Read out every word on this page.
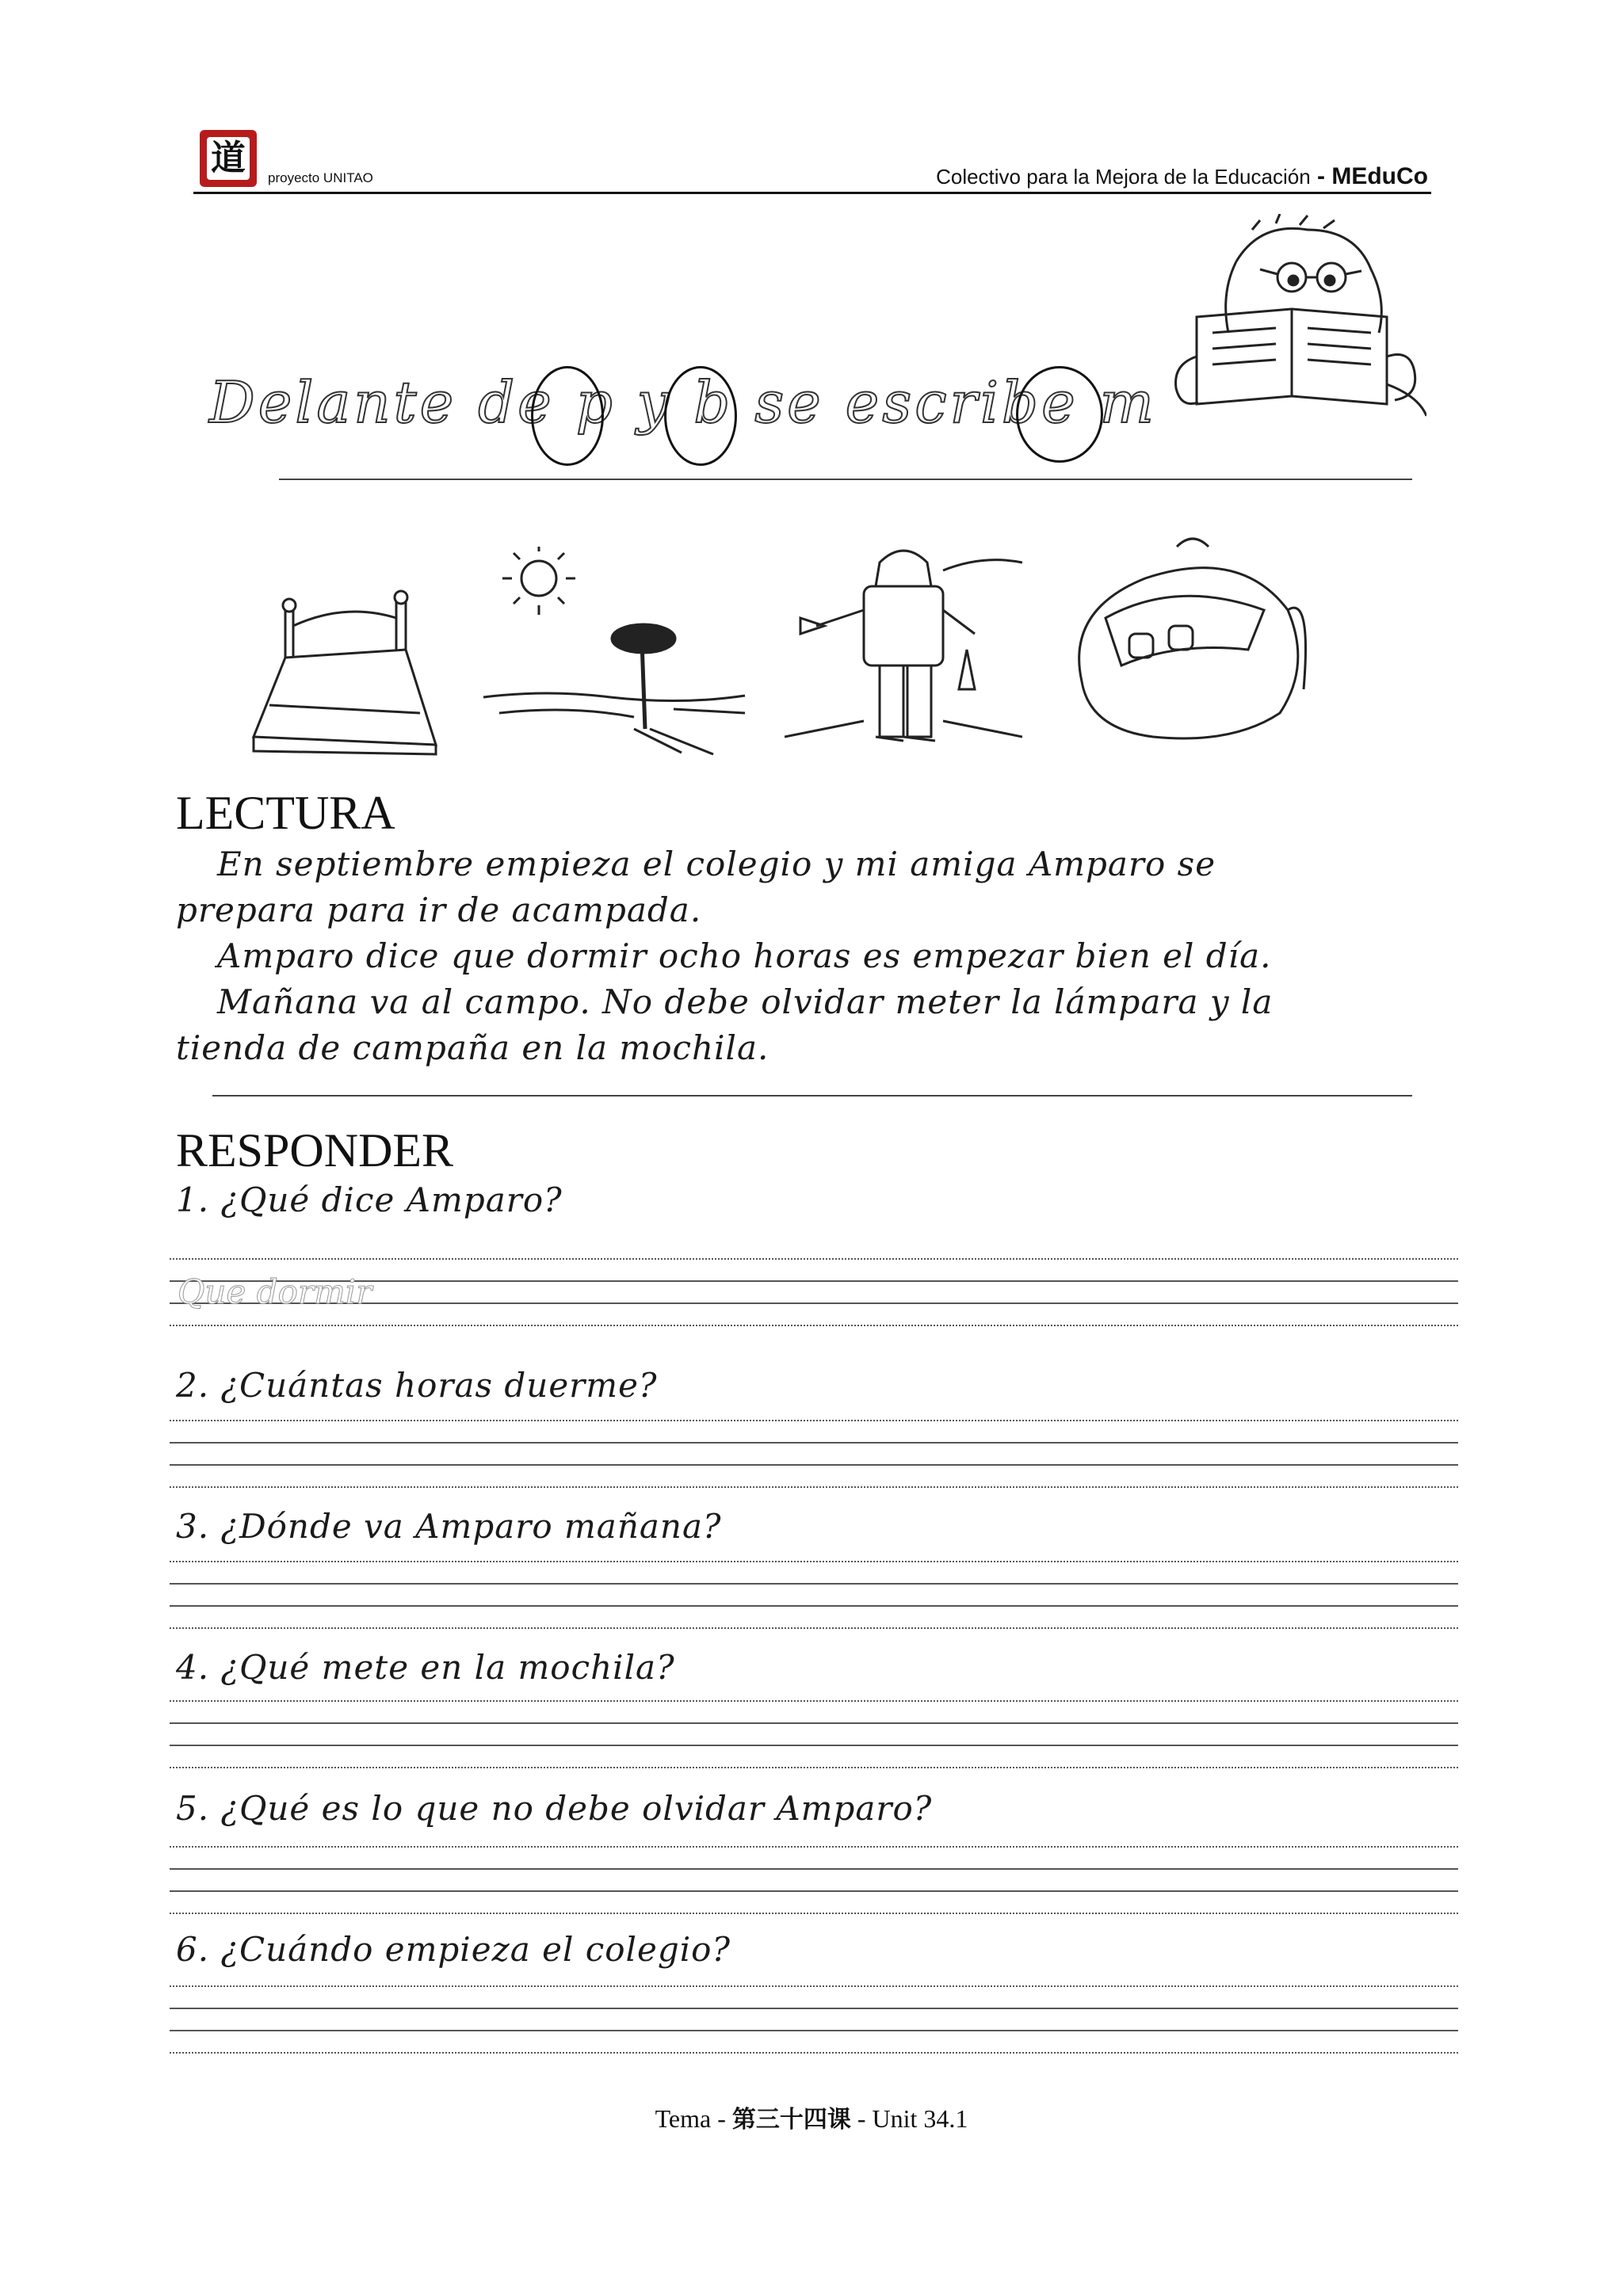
道 proyecto UNITAO	Colectivo para la Mejora de la Educación - MEduCo
Delante de p y b se escribe m
LECTURA

En septiembre empieza el colegio y mi amiga Amparo se

prepara para ir de acampada.

Amparo dice que dormir ocho horas es empezar bien el día.

Mañana va al campo. No debe olvidar meter la lámpara y la

tienda de campaña en la mochila.

RESPONDER
1. ¿Qué dice Amparo?
Que dormir
2. ¿Cuántas horas duerme?
3. ¿Dónde va Amparo mañana?
4. ¿Qué mete en la mochila?
5. ¿Qué es lo que no debe olvidar Amparo?
6. ¿Cuándo empieza el colegio?
Tema - 第三十四课 - Unit 34.1
